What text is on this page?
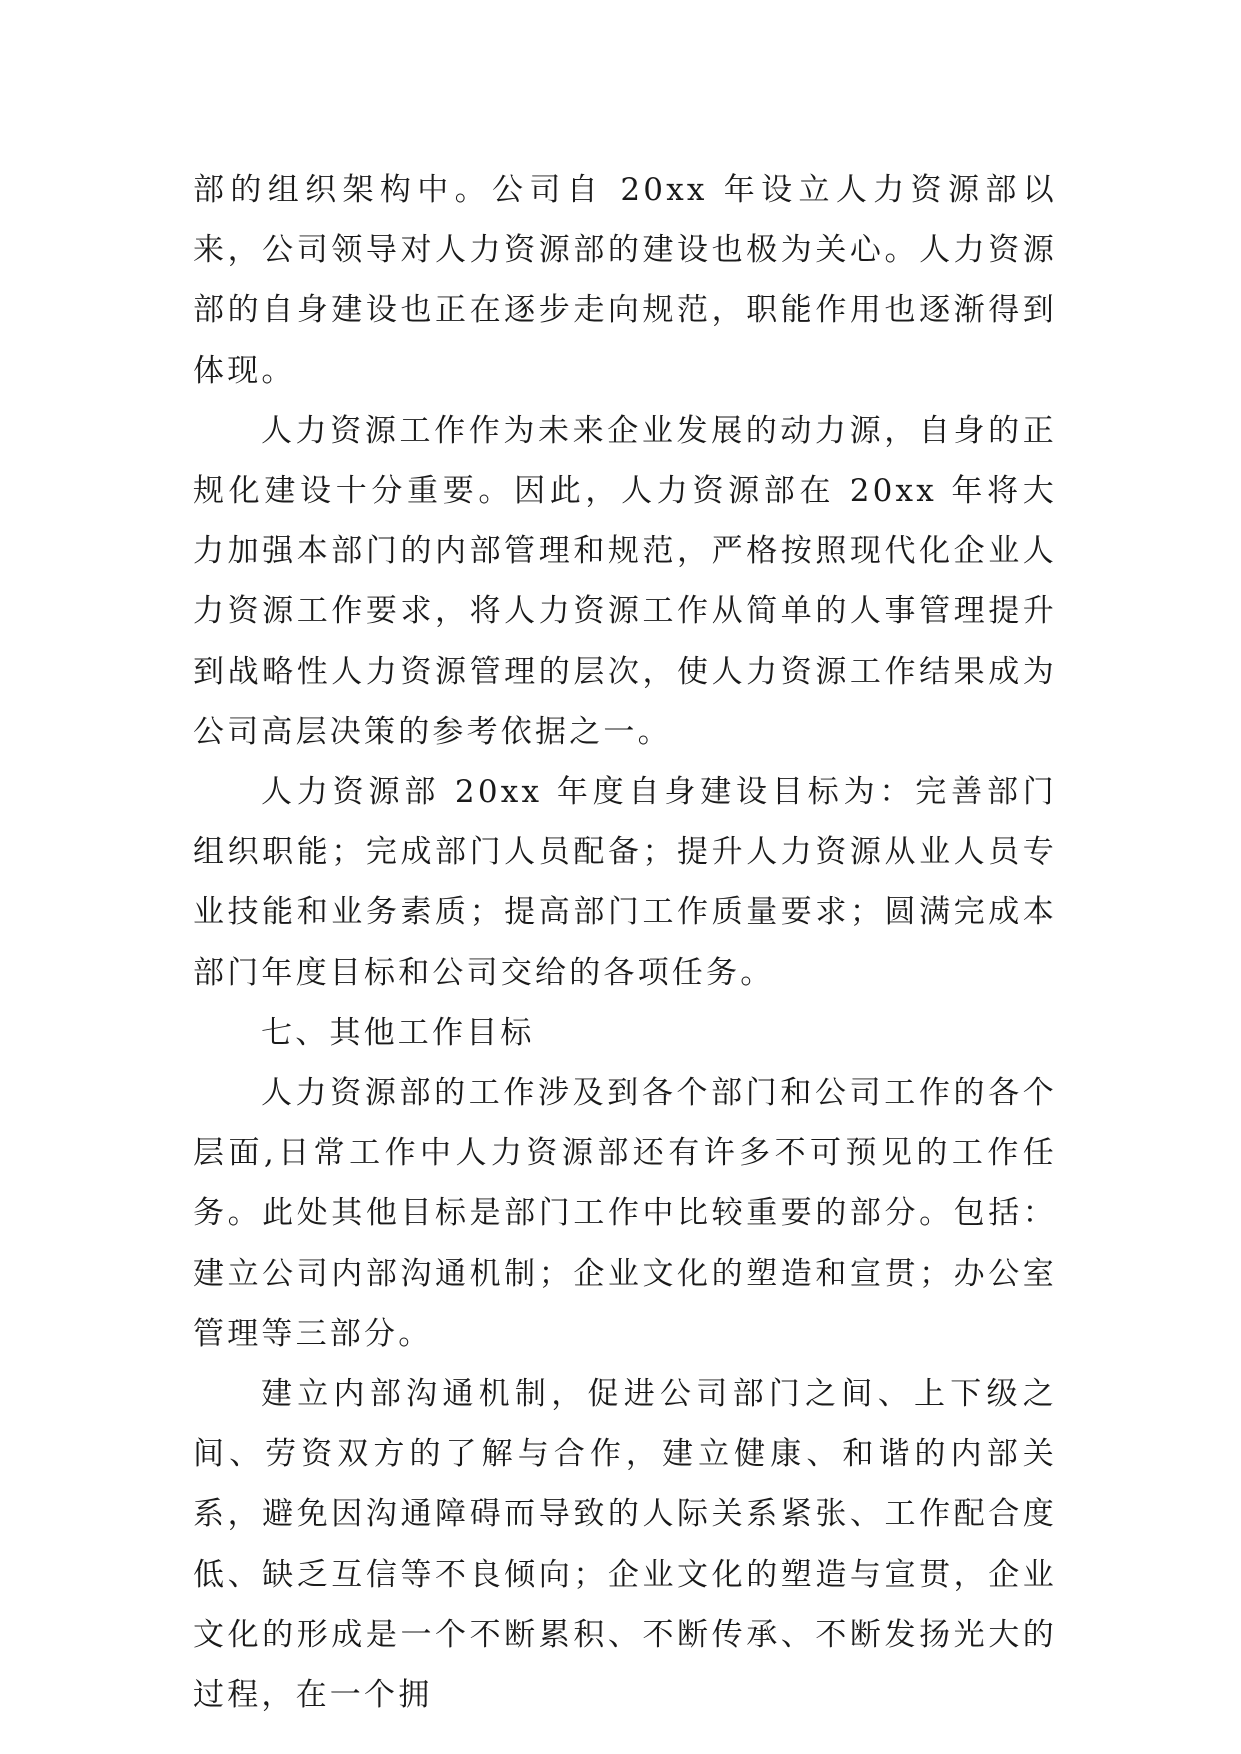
部的组织架构中。公司自 20xx 年设立人力资源部以来，公司领导对人力资源部的建设也极为关心。人力资源部的自身建设也正在逐步走向规范，职能作用也逐渐得到体现。

人力资源工作作为未来企业发展的动力源，自身的正规化建设十分重要。因此，人力资源部在 20xx 年将大力加强本部门的内部管理和规范，严格按照现代化企业人力资源工作要求，将人力资源工作从简单的人事管理提升到战略性人力资源管理的层次，使人力资源工作结果成为公司高层决策的参考依据之一。

人力资源部 20xx 年度自身建设目标为：完善部门组织职能；完成部门人员配备；提升人力资源从业人员专业技能和业务素质；提高部门工作质量要求；圆满完成本部门年度目标和公司交给的各项任务。

七、其他工作目标

人力资源部的工作涉及到各个部门和公司工作的各个层面,日常工作中人力资源部还有许多不可预见的工作任务。此处其他目标是部门工作中比较重要的部分。包括：建立公司内部沟通机制；企业文化的塑造和宣贯；办公室管理等三部分。

建立内部沟通机制，促进公司部门之间、上下级之间、劳资双方的了解与合作，建立健康、和谐的内部关系，避免因沟通障碍而导致的人际关系紧张、工作配合度低、缺乏互信等不良倾向；企业文化的塑造与宣贯，企业文化的形成是一个不断累积、不断传承、不断发扬光大的过程，在一个拥
